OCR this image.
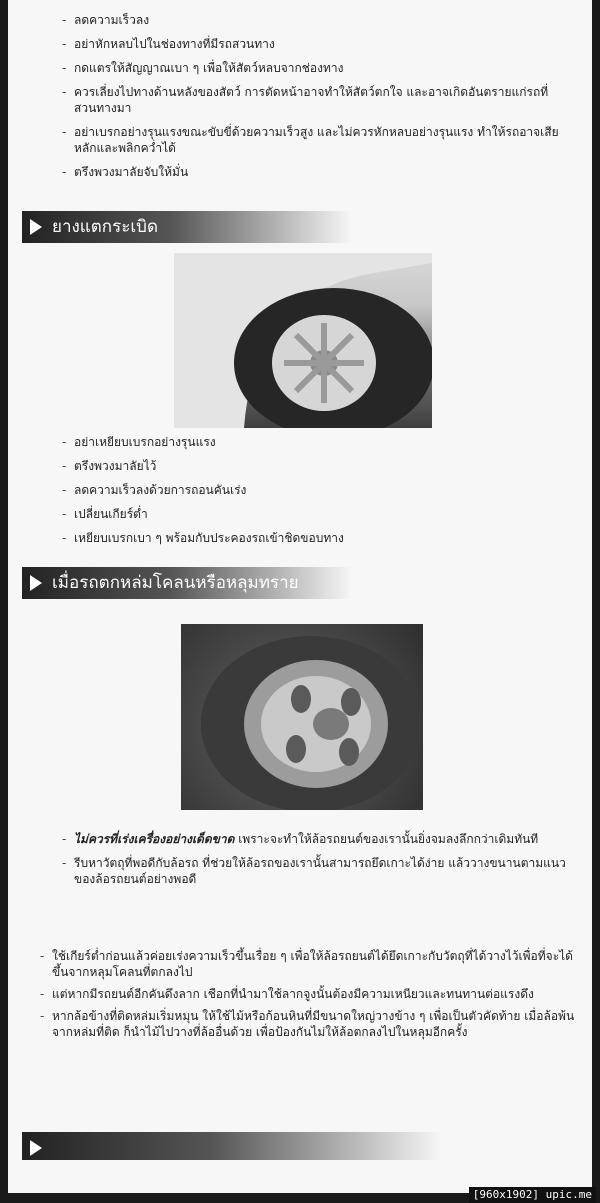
- ลดความเร็วลง
- อย่าหักหลบไปในช่องทางที่มีรถสวนทาง
- กดแตรให้สัญญาณเบา ๆ เพื่อให้สัตว์หลบจากช่องทาง
- ควรเลี่ยงไปทางด้านหลังของสัตว์ การตัดหน้าอาจทำให้สัตว์ตกใจ และอาจเกิดอันตรายแก่รถที่สวนทางมา
- อย่าเบรกอย่างรุนแรงขณะขับขี่ด้วยความเร็วสูง และไม่ควรหักหลบอย่างรุนแรง ทำให้รถอาจเสียหลักและพลิกคว่ำได้
- ตรึงพวงมาลัยจับให้มั่น
ยางแตกระเบิด
- อย่าเหยียบเบรกอย่างรุนแรง
- ตรึงพวงมาลัยไว้
- ลดความเร็วลงด้วยการถอนคันเร่ง
- เปลี่ยนเกียร์ต่ำ
- เหยียบเบรกเบา ๆ พร้อมกับประคองรถเข้าชิดขอบทาง
เมื่อรถตกหล่มโคลนหรือหลุมทราย
- ไม่ควรที่เร่งเครื่องอย่างเด็ดขาด เพราะจะทำให้ล้อรถยนต์ของเรานั้นยิ่งจมลงลึกกว่าเดิมทันที
- รีบหาวัตถุที่พอดีกับล้อรถ ที่ช่วยให้ล้อรถของเรานั้นสามารถยึดเกาะได้ง่าย แล้ววางขนานตามแนวของล้อรถยนต์อย่างพอดี
- ใช้เกียร์ต่ำก่อนแล้วค่อยเร่งความเร็วขึ้นเรื่อย ๆ เพื่อให้ล้อรถยนต์ได้ยึดเกาะกับวัตถุที่ได้วางไว้เพื่อที่จะได้ขึ้นจากหลุมโคลนที่ตกลงไป
- แต่หากมีรถยนต์อีกคันดึงลาก เชือกที่นำมาใช้ลากจูงนั้นต้องมีความเหนียวและทนทานต่อแรงดึง
- หากล้อข้างที่ติดหล่มเริ่มหมุน ให้ใช้ไม้หรือก้อนหินที่มีขนาดใหญ่วางข้าง ๆ เพื่อเป็นตัวคัดท้าย เมื่อล้อพ้นจากหล่มที่ติด ก็นำไม้ไปวางที่ล้ออื่นด้วย เพื่อป้องกันไม่ให้ล้อตกลงไปในหลุมอีกครั้ง
[960x1902] upic.me
